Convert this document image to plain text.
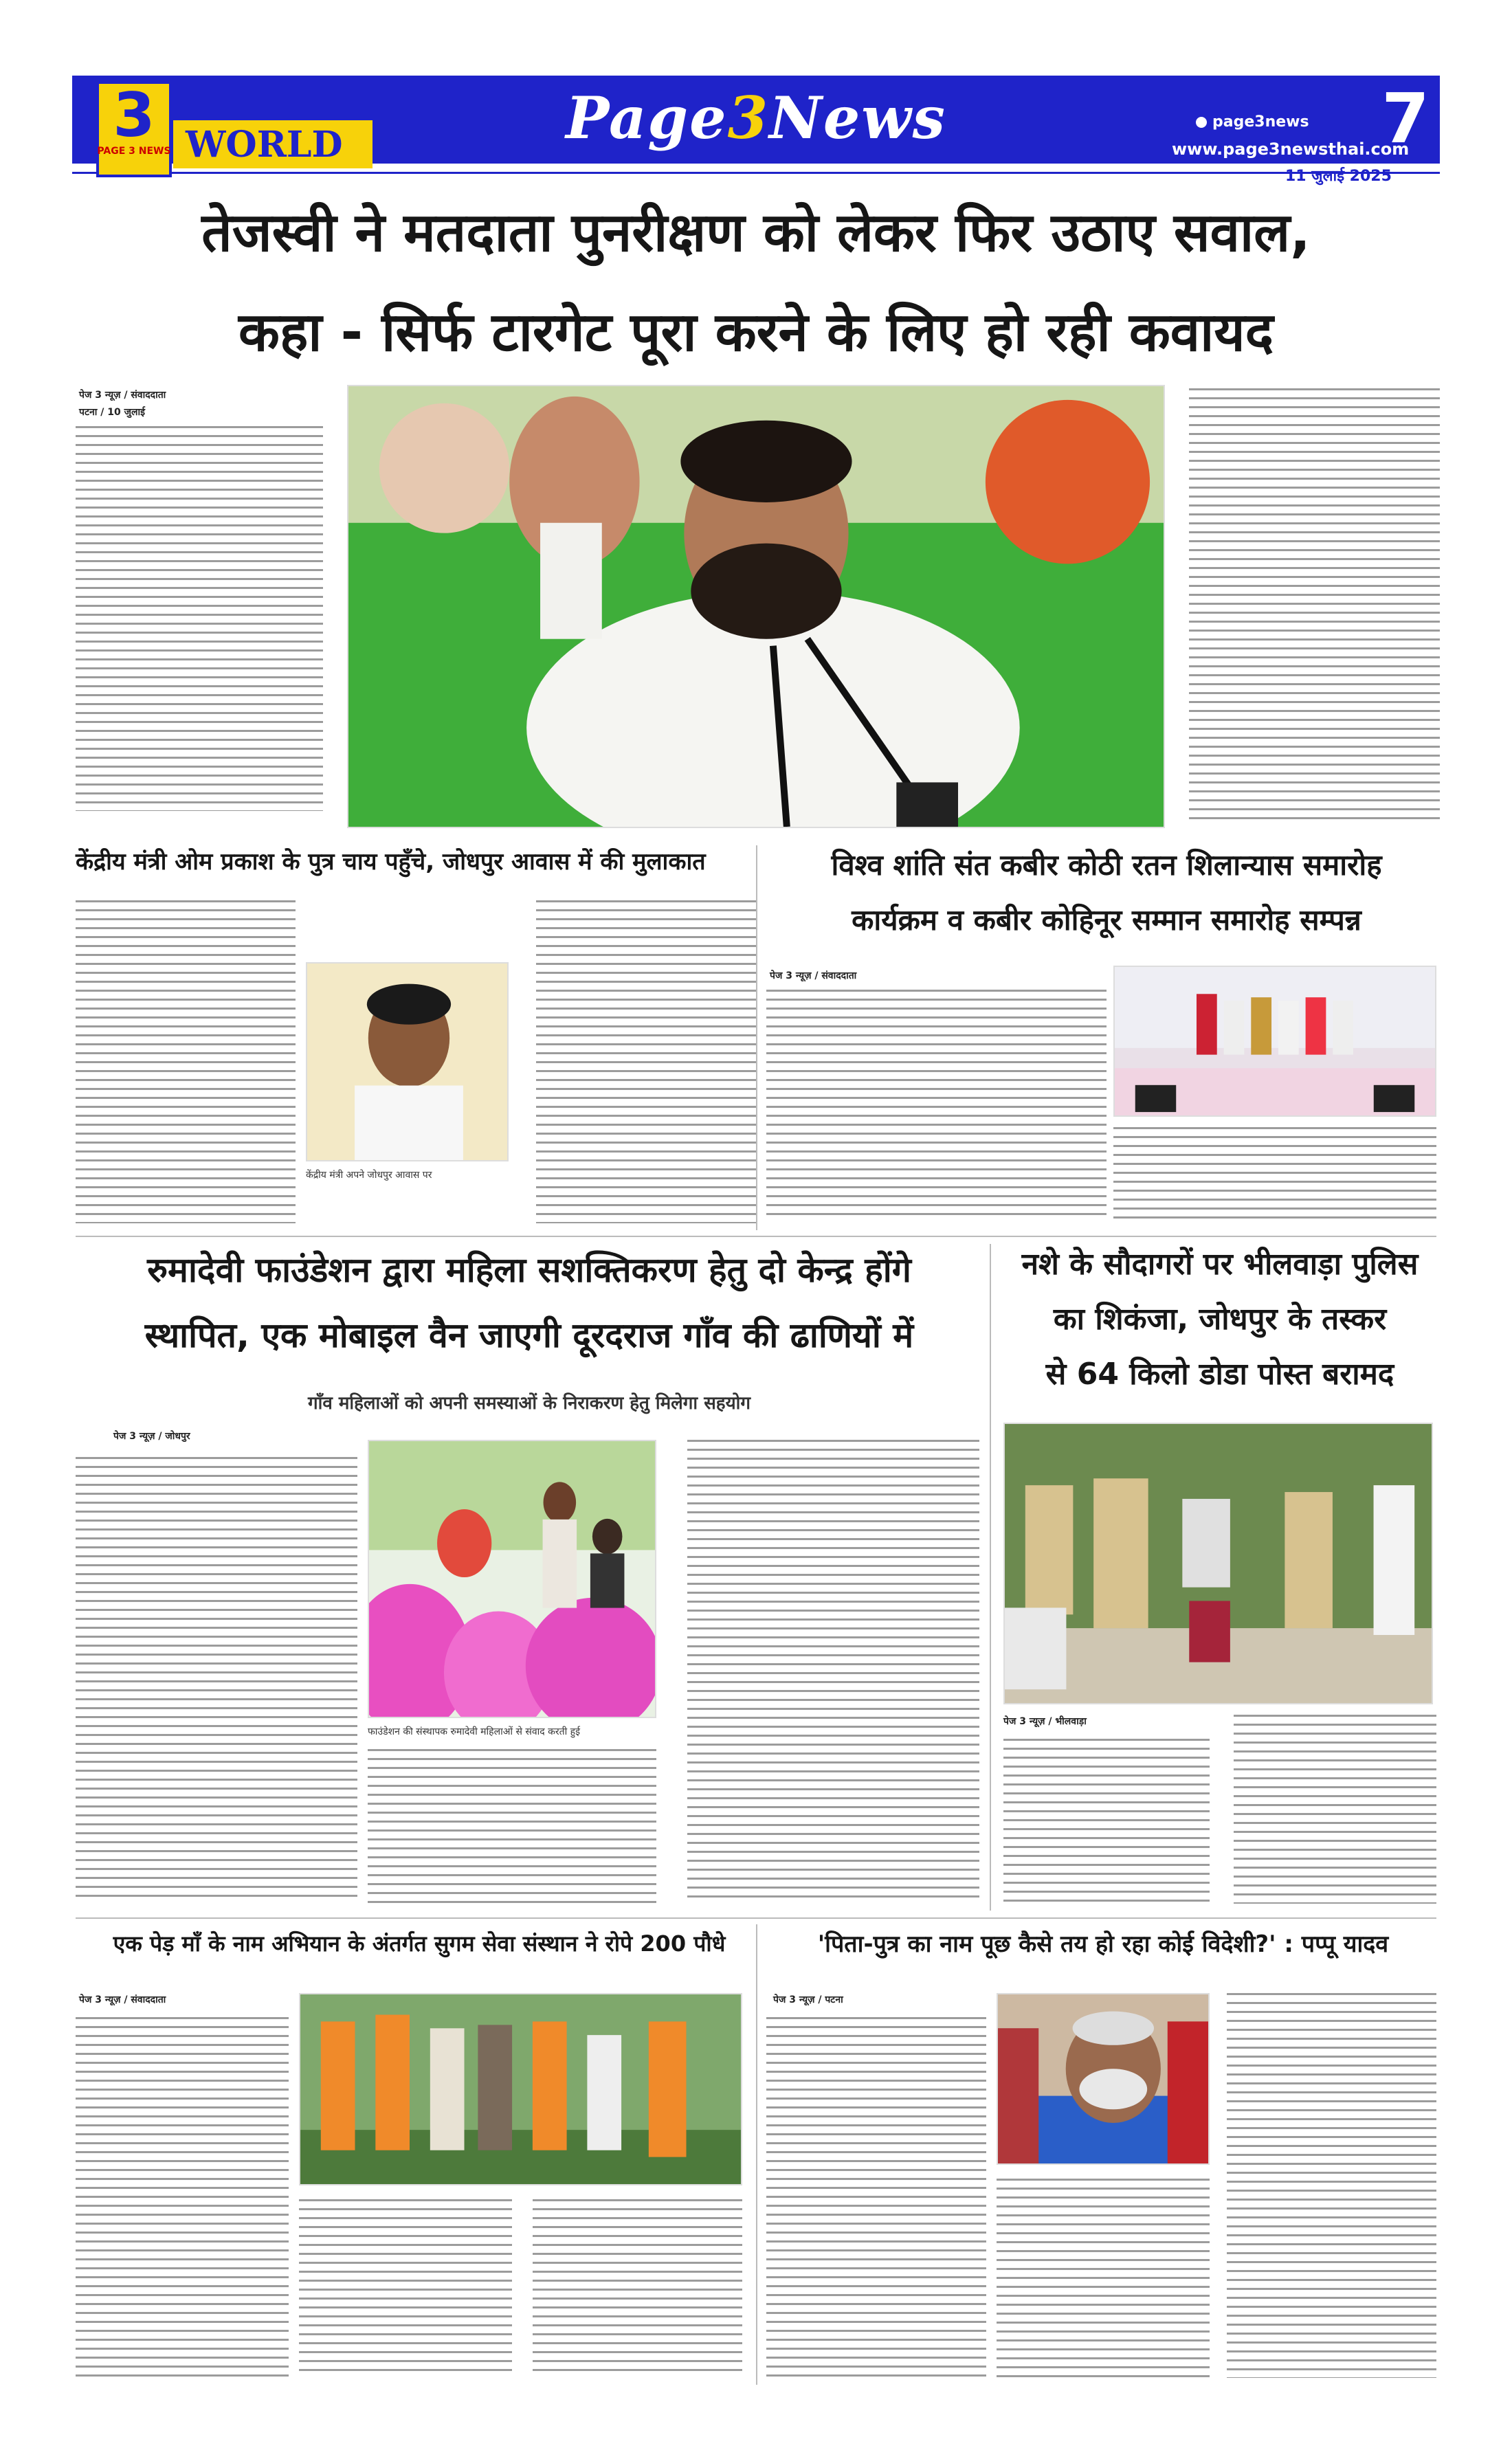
3
PAGE 3 NEWS WORLD	Page3News	page3news
www.page3newsthai.com
7
11 जुलाई 2025
तेजस्वी ने मतदाता पुनरीक्षण को लेकर फिर उठाए सवाल,
कहा - सिर्फ टारगेट पूरा करने के लिए हो रही कवायद
पेज 3 न्यूज़ / संवाददाता
पटना / 10 जुलाई
केंद्रीय मंत्री ओम प्रकाश के पुत्र चाय पहुँचे, जोधपुर आवास में की मुलाकात
केंद्रीय मंत्री अपने जोधपुर आवास पर
विश्व शांति संत कबीर कोठी रतन शिलान्यास समारोह
कार्यक्रम व कबीर कोहिनूर सम्मान समारोह सम्पन्न
पेज 3 न्यूज़ / संवाददाता
रुमादेवी फाउंडेशन द्वारा महिला सशक्तिकरण हेतु दो केन्द्र होंगे
स्थापित, एक मोबाइल वैन जाएगी दूरदराज गाँव की ढाणियों में
गाँव महिलाओं को अपनी समस्याओं के निराकरण हेतु मिलेगा सहयोग
पेज 3 न्यूज़ / जोधपुर
फाउंडेशन की संस्थापक रुमादेवी महिलाओं से संवाद करती हुई
नशे के सौदागरों पर भीलवाड़ा पुलिस
का शिकंजा, जोधपुर के तस्कर
से 64 किलो डोडा पोस्त बरामद
पेज 3 न्यूज़ / भीलवाड़ा
एक पेड़ माँ के नाम अभियान के अंतर्गत सुगम सेवा संस्थान ने रोपे 200 पौधे
पेज 3 न्यूज़ / संवाददाता
'पिता-पुत्र का नाम पूछ कैसे तय हो रहा कोई विदेशी?' : पप्पू यादव
पेज 3 न्यूज़ / पटना
